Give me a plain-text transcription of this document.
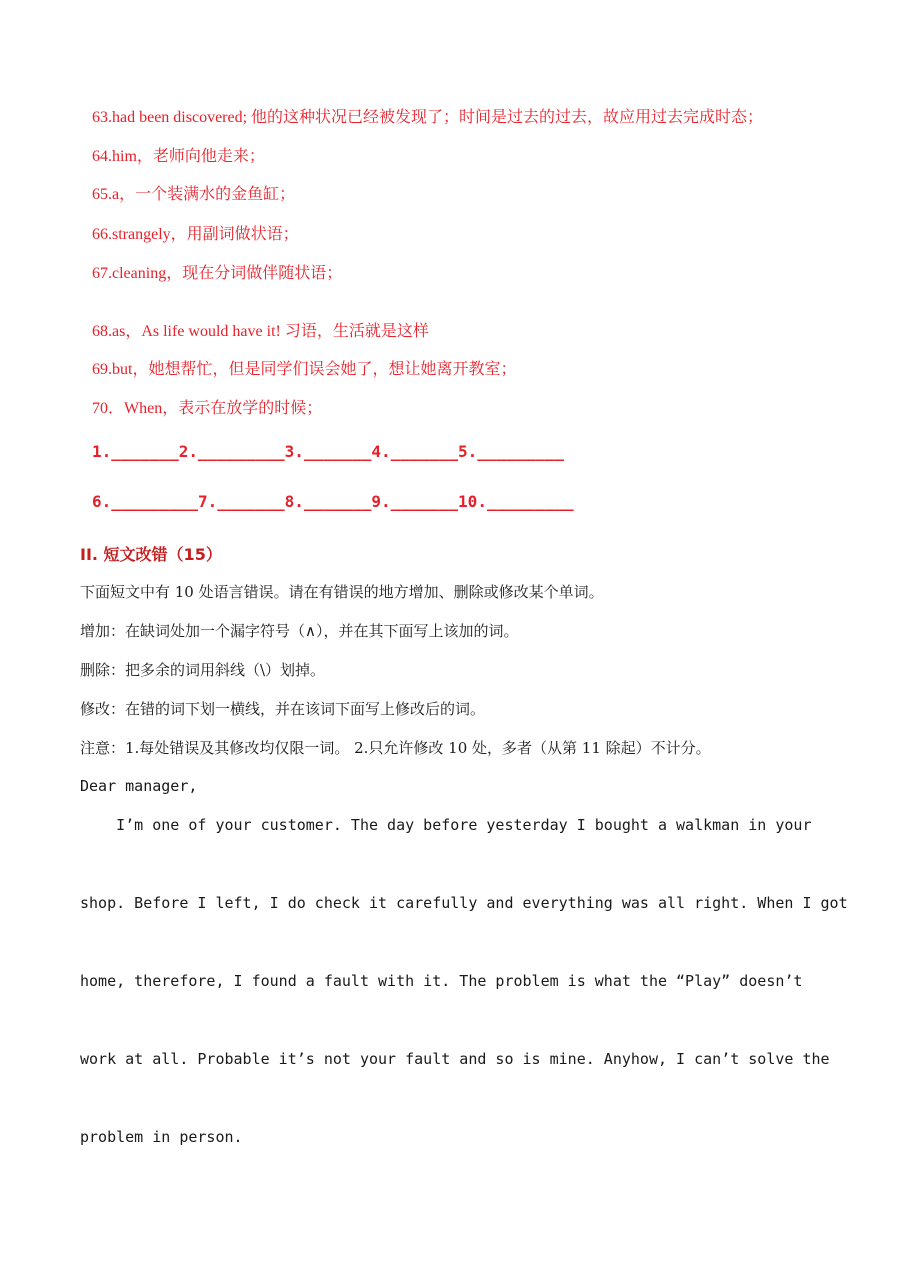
63.had been discovered; 他的这种状况已经被发现了；时间是过去的过去，故应用过去完成时态；
64.him，老师向他走来；
65.a，一个装满水的金鱼缸；
66.strangely，用副词做状语；
67.cleaning，现在分词做伴随状语；
68.as，As life would have it! 习语，生活就是这样
69.but，她想帮忙，但是同学们误会她了，想让她离开教室；
70．When，表示在放学的时候；
1._______2._________3._______4._______5._________
6._________7._______8._______9._______10._________
II. 短文改错（15）
下面短文中有 10 处语言错误。请在有错误的地方增加、删除或修改某个单词。
增加：在缺词处加一个漏字符号（∧），并在其下面写上该加的词。
删除：把多余的词用斜线（\）划掉。
修改：在错的词下划一横线，并在该词下面写上修改后的词。
注意：1.每处错误及其修改均仅限一词。 2.只允许修改 10 处，多者（从第 11 除起）不计分。
Dear manager,
I’m one of your customer. The day before yesterday I bought a walkman in your
shop. Before I left, I do check it carefully and everything was all right. When I got
home, therefore, I found a fault with it. The problem is what the “Play” doesn’t
work at all. Probable it’s not your fault and so is mine. Anyhow, I can’t solve the
problem in person.
